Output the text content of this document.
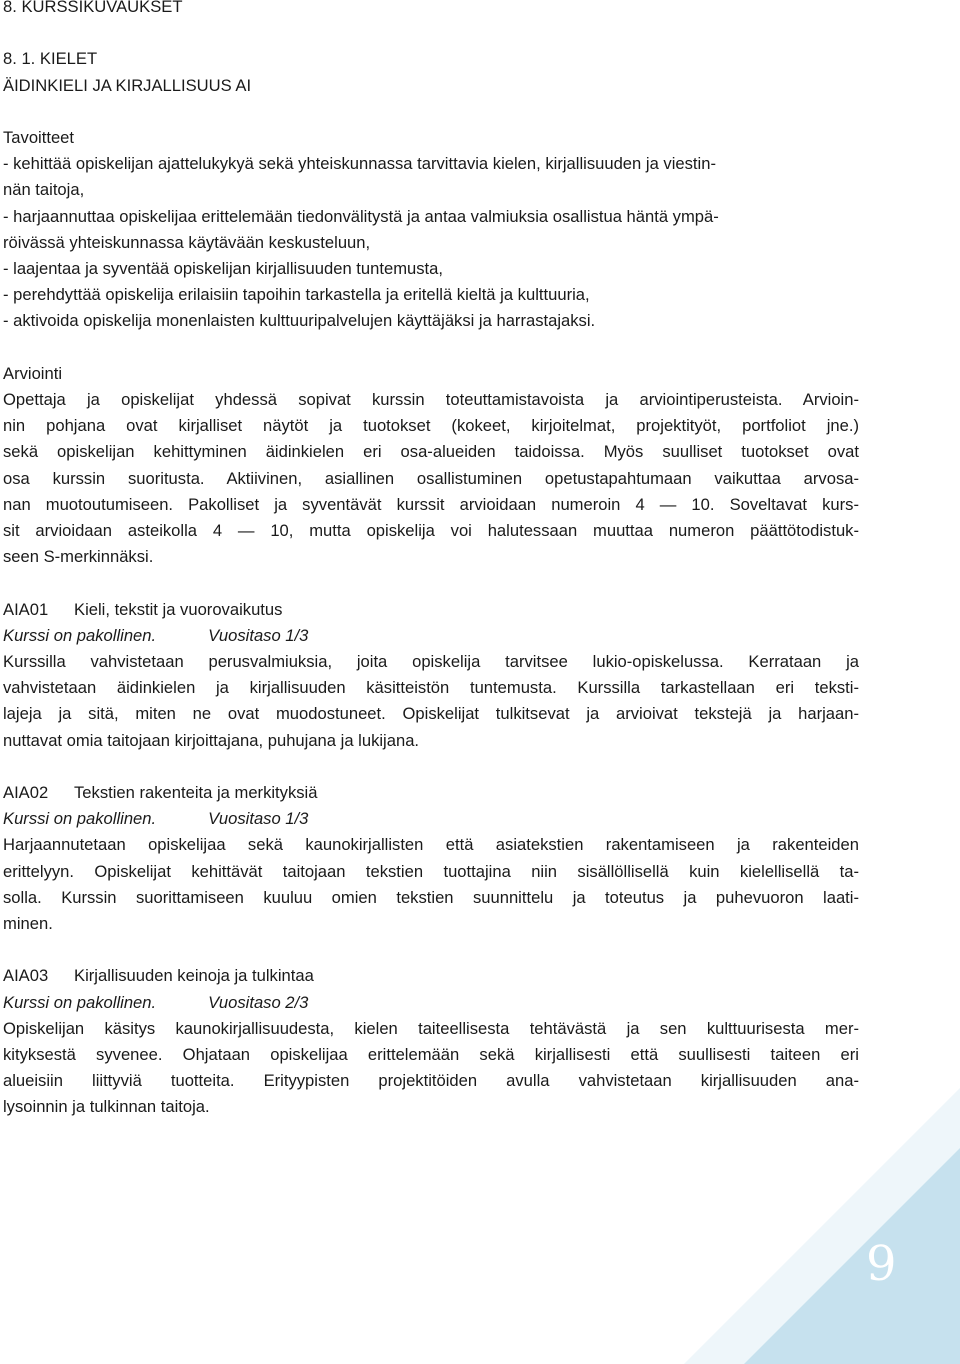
9
8. KURSSIKUVAUKSET
8. 1. KIELET
ÄIDINKIELI JA KIRJALLISUUS AI
Tavoitteet
- kehittää opiskelijan ajattelukykyä sekä yhteiskunnassa tarvittavia kielen, kirjallisuuden ja viestin-
nän taitoja,
- harjaannuttaa opiskelijaa erittelemään tiedonvälitystä ja antaa valmiuksia osallistua häntä ympä-
röivässä yhteiskunnassa käytävään keskusteluun,
- laajentaa ja syventää opiskelijan kirjallisuuden tuntemusta,
- perehdyttää opiskelija erilaisiin tapoihin tarkastella ja eritellä kieltä ja kulttuuria,
- aktivoida opiskelija monenlaisten kulttuuripalvelujen käyttäjäksi ja harrastajaksi.
Arviointi
Opettaja ja opiskelijat yhdessä sopivat kurssin toteuttamistavoista ja arviointiperusteista. Arvioin-
nin pohjana ovat kirjalliset näytöt ja tuotokset (kokeet, kirjoitelmat, projektityöt, portfoliot jne.)
sekä opiskelijan kehittyminen äidinkielen eri osa-alueiden taidoissa. Myös suulliset tuotokset ovat
osa kurssin suoritusta. Aktiivinen, asiallinen osallistuminen opetustapahtumaan vaikuttaa arvosa-
nan muotoutumiseen. Pakolliset ja syventävät kurssit arvioidaan numeroin 4 — 10. Soveltavat kurs-
sit arvioidaan asteikolla 4 — 10, mutta opiskelija voi halutessaan muuttaa numeron päättötodistuk-
seen S-merkinnäksi.
AIA01 Kieli, tekstit ja vuorovaikutus
Kurssi on pakollinen.	Vuositaso 1/3
Kurssilla vahvistetaan perusvalmiuksia, joita opiskelija tarvitsee lukio-opiskelussa. Kerrataan ja
vahvistetaan äidinkielen ja kirjallisuuden käsitteistön tuntemusta. Kurssilla tarkastellaan eri teksti-
lajeja ja sitä, miten ne ovat muodostuneet. Opiskelijat tulkitsevat ja arvioivat tekstejä ja harjaan-
nuttavat omia taitojaan kirjoittajana, puhujana ja lukijana.
AIA02 Tekstien rakenteita ja merkityksiä
Kurssi on pakollinen.	Vuositaso 1/3
Harjaannutetaan opiskelijaa sekä kaunokirjallisten että asiatekstien rakentamiseen ja rakenteiden
erittelyyn. Opiskelijat kehittävät taitojaan tekstien tuottajina niin sisällöllisellä kuin kielellisellä ta-
solla. Kurssin suorittamiseen kuuluu omien tekstien suunnittelu ja toteutus ja puhevuoron laati-
minen.
AIA03 Kirjallisuuden keinoja ja tulkintaa
Kurssi on pakollinen.	Vuositaso 2/3
Opiskelijan käsitys kaunokirjallisuudesta, kielen taiteellisesta tehtävästä ja sen kulttuurisesta mer-
kityksestä syvenee. Ohjataan opiskelijaa erittelemään sekä kirjallisesti että suullisesti taiteen eri
alueisiin liittyviä tuotteita. Erityypisten projektitöiden avulla vahvistetaan kirjallisuuden ana-
lysoinnin ja tulkinnan taitoja.
